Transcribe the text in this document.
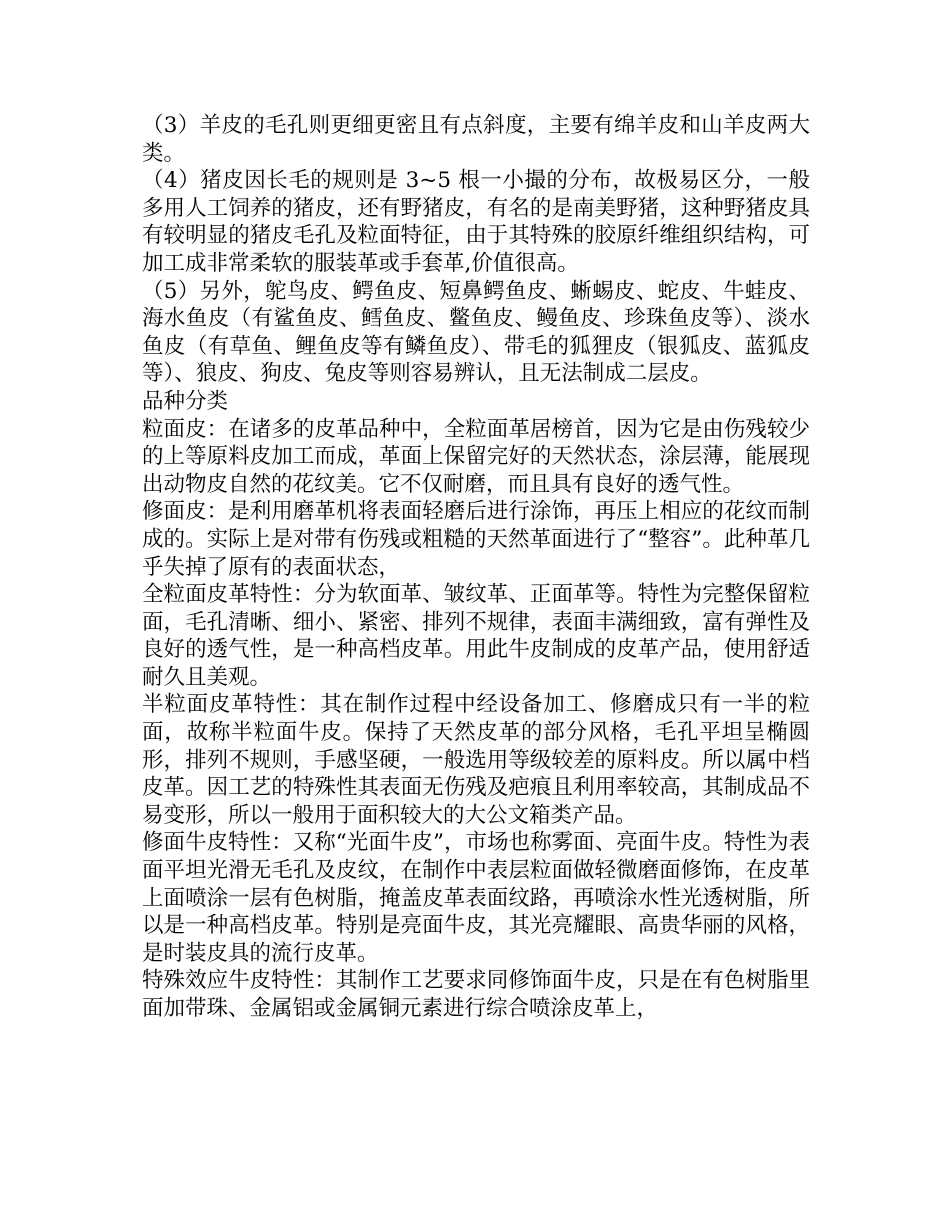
（3）羊皮的毛孔则更细更密且有点斜度，主要有绵羊皮和山羊皮两大类。

（4）猪皮因长毛的规则是 3~5 根一小撮的分布，故极易区分，一般多用人工饲养的猪皮，还有野猪皮，有名的是南美野猪，这种野猪皮具有较明显的猪皮毛孔及粒面特征，由于其特殊的胶原纤维组织结构，可加工成非常柔软的服装革或手套革,价值很高。

（5）另外，鸵鸟皮、鳄鱼皮、短鼻鳄鱼皮、蜥蜴皮、蛇皮、牛蛙皮、海水鱼皮（有鲨鱼皮、鳕鱼皮、鳖鱼皮、鳗鱼皮、珍珠鱼皮等）、淡水鱼皮（有草鱼、鲤鱼皮等有鳞鱼皮）、带毛的狐狸皮（银狐皮、蓝狐皮等）、狼皮、狗皮、兔皮等则容易辨认，且无法制成二层皮。

品种分类

粒面皮：在诸多的皮革品种中，全粒面革居榜首，因为它是由伤残较少的上等原料皮加工而成，革面上保留完好的天然状态，涂层薄，能展现出动物皮自然的花纹美。它不仅耐磨，而且具有良好的透气性。

修面皮：是利用磨革机将表面轻磨后进行涂饰，再压上相应的花纹而制成的。实际上是对带有伤残或粗糙的天然革面进行了“整容”。此种革几乎失掉了原有的表面状态，

全粒面皮革特性：分为软面革、皱纹革、正面革等。特性为完整保留粒面，毛孔清晰、细小、紧密、排列不规律，表面丰满细致，富有弹性及良好的透气性，是一种高档皮革。用此牛皮制成的皮革产品，使用舒适耐久且美观。

半粒面皮革特性：其在制作过程中经设备加工、修磨成只有一半的粒面，故称半粒面牛皮。保持了天然皮革的部分风格，毛孔平坦呈椭圆形，排列不规则，手感坚硬，一般选用等级较差的原料皮。所以属中档皮革。因工艺的特殊性其表面无伤残及疤痕且利用率较高，其制成品不易变形，所以一般用于面积较大的大公文箱类产品。

修面牛皮特性：又称“光面牛皮”，市场也称雾面、亮面牛皮。特性为表面平坦光滑无毛孔及皮纹，在制作中表层粒面做轻微磨面修饰，在皮革上面喷涂一层有色树脂，掩盖皮革表面纹路，再喷涂水性光透树脂，所以是一种高档皮革。特别是亮面牛皮，其光亮耀眼、高贵华丽的风格，是时装皮具的流行皮革。

特殊效应牛皮特性：其制作工艺要求同修饰面牛皮，只是在有色树脂里面加带珠、金属铝或金属铜元素进行综合喷涂皮革上，
